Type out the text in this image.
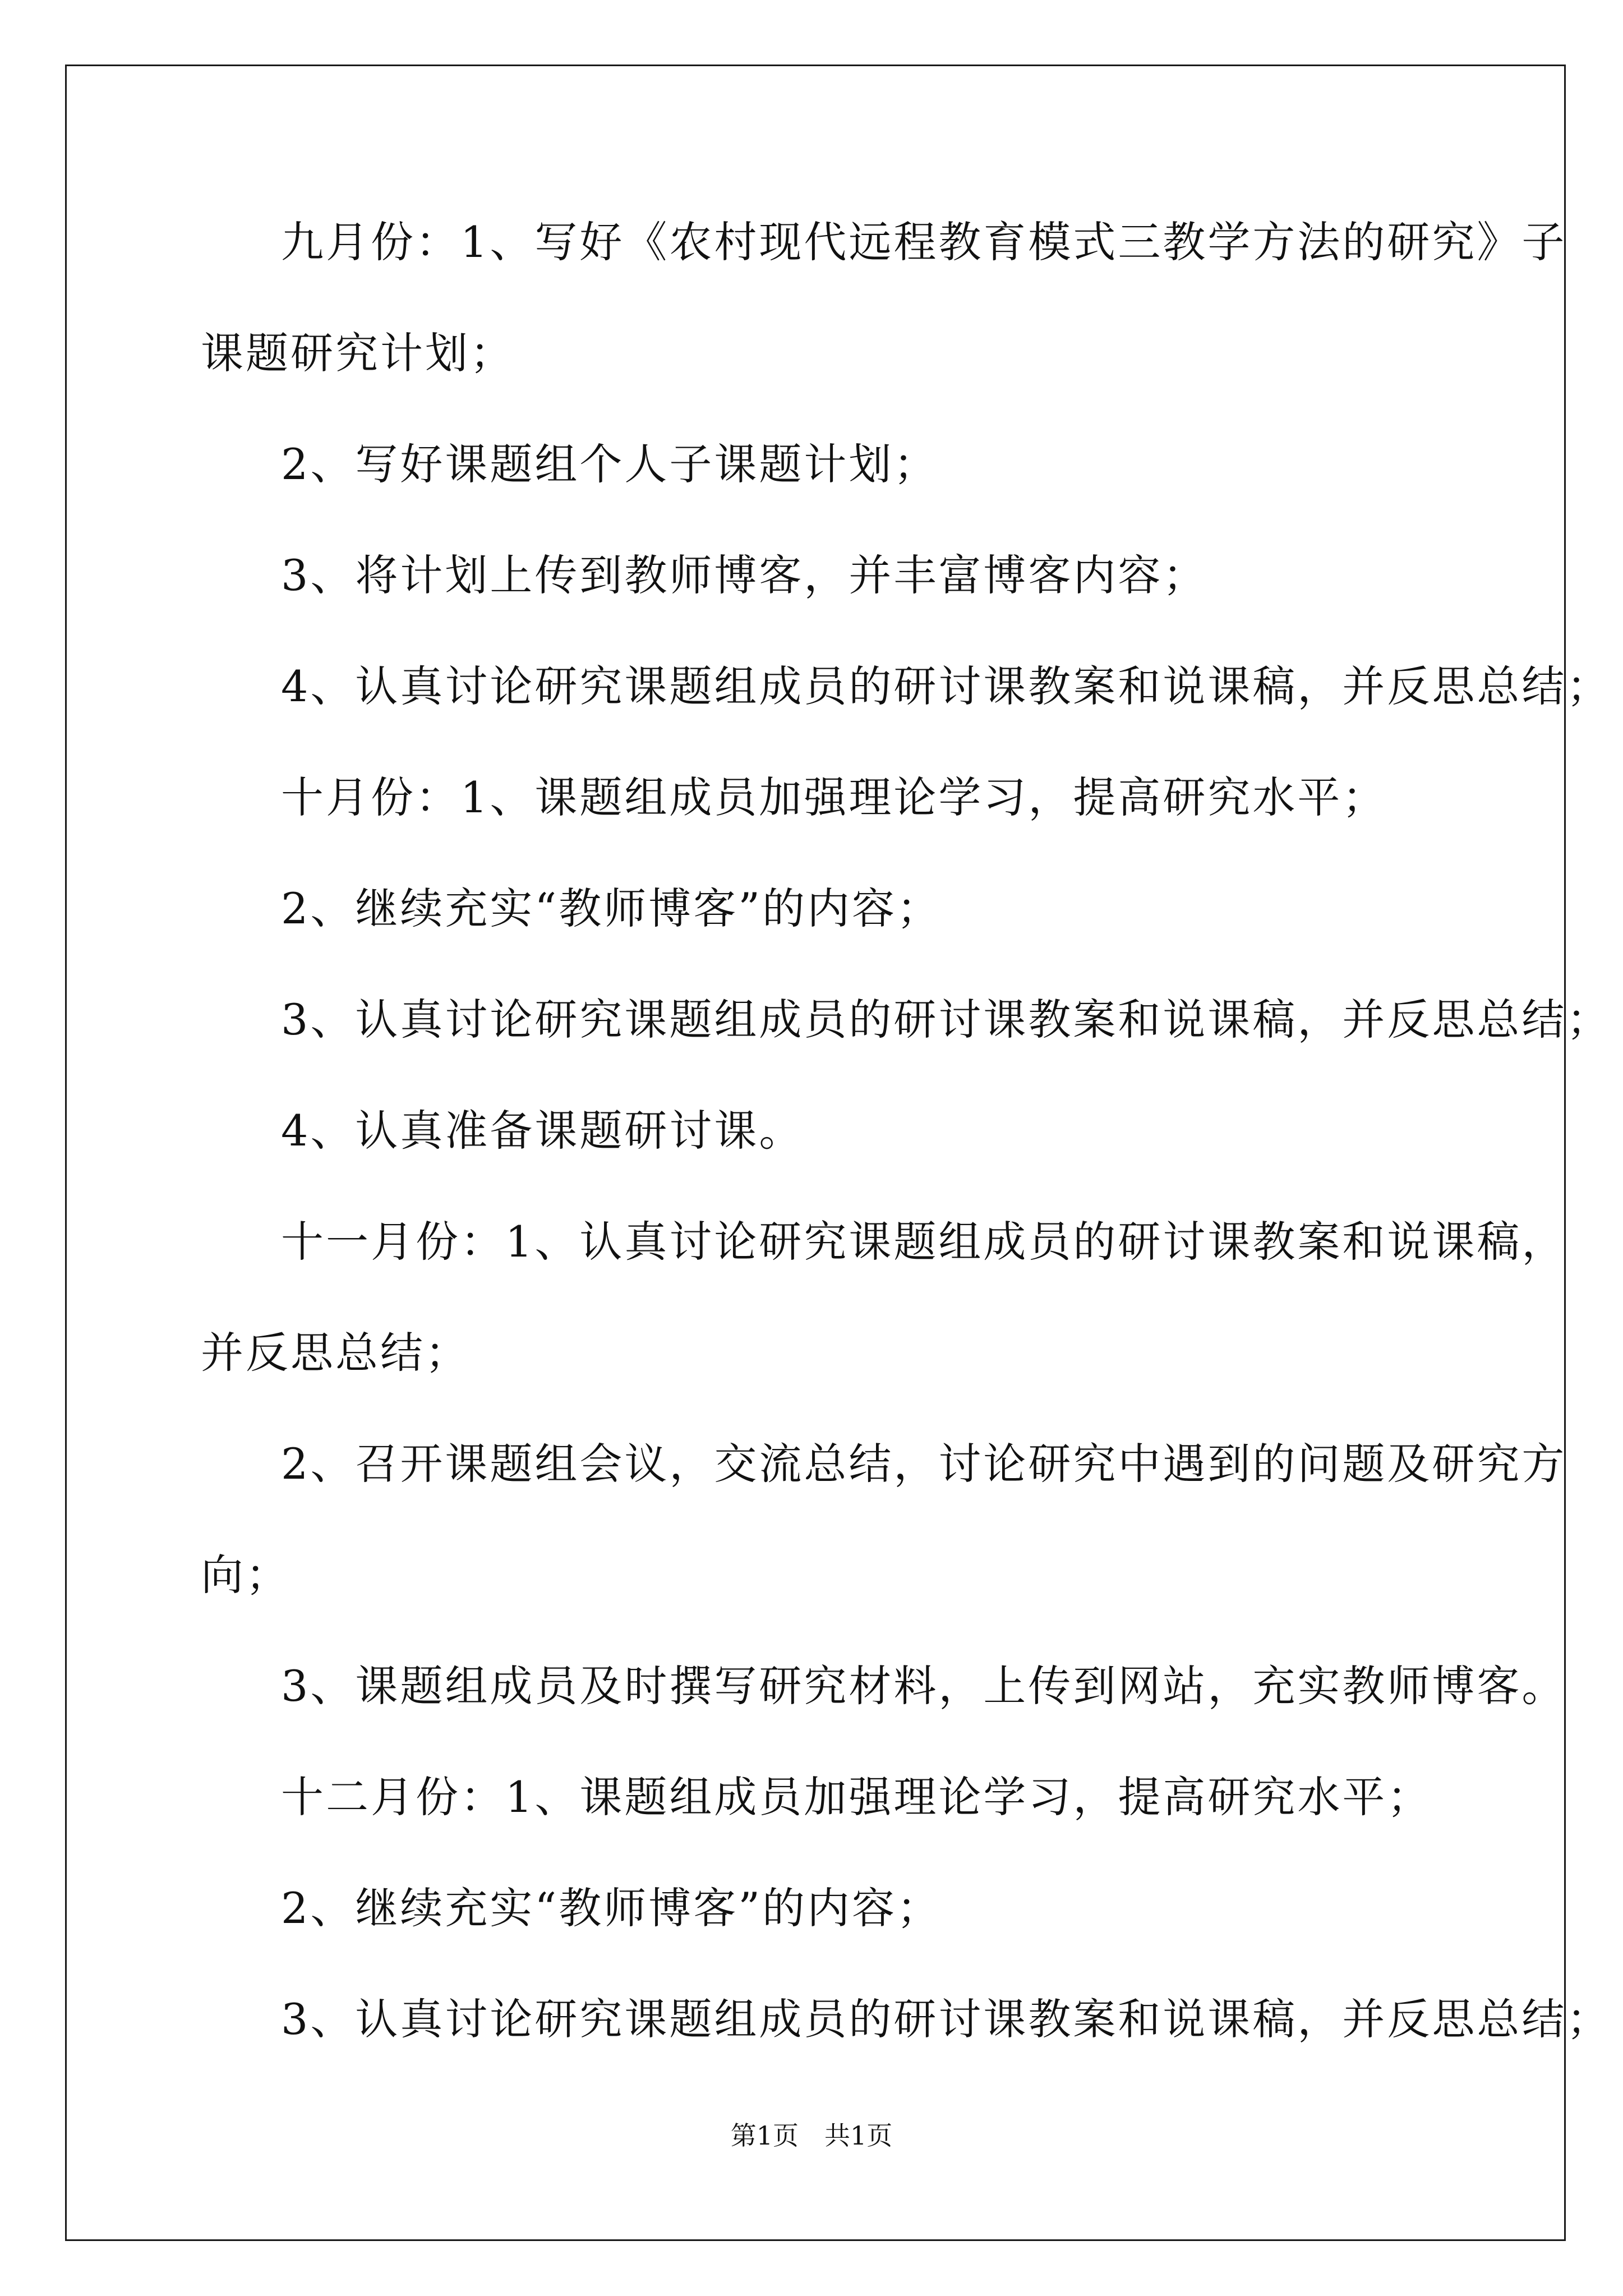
九月份：1、写好《农村现代远程教育模式三教学方法的研究》子
课题研究计划；
2、写好课题组个人子课题计划；
3、将计划上传到教师博客，并丰富博客内容；
4、认真讨论研究课题组成员的研讨课教案和说课稿，并反思总结；
十月份：1、课题组成员加强理论学习，提高研究水平；
2、继续充实“教师博客”的内容；
3、认真讨论研究课题组成员的研讨课教案和说课稿，并反思总结；
4、认真准备课题研讨课。
十一月份：1、认真讨论研究课题组成员的研讨课教案和说课稿，
并反思总结；
2、召开课题组会议，交流总结，讨论研究中遇到的问题及研究方
向；
3、课题组成员及时撰写研究材料，上传到网站，充实教师博客。
十二月份：1、课题组成员加强理论学习，提高研究水平；
2、继续充实“教师博客”的内容；
3、认真讨论研究课题组成员的研讨课教案和说课稿，并反思总结；
第1页　共1页
